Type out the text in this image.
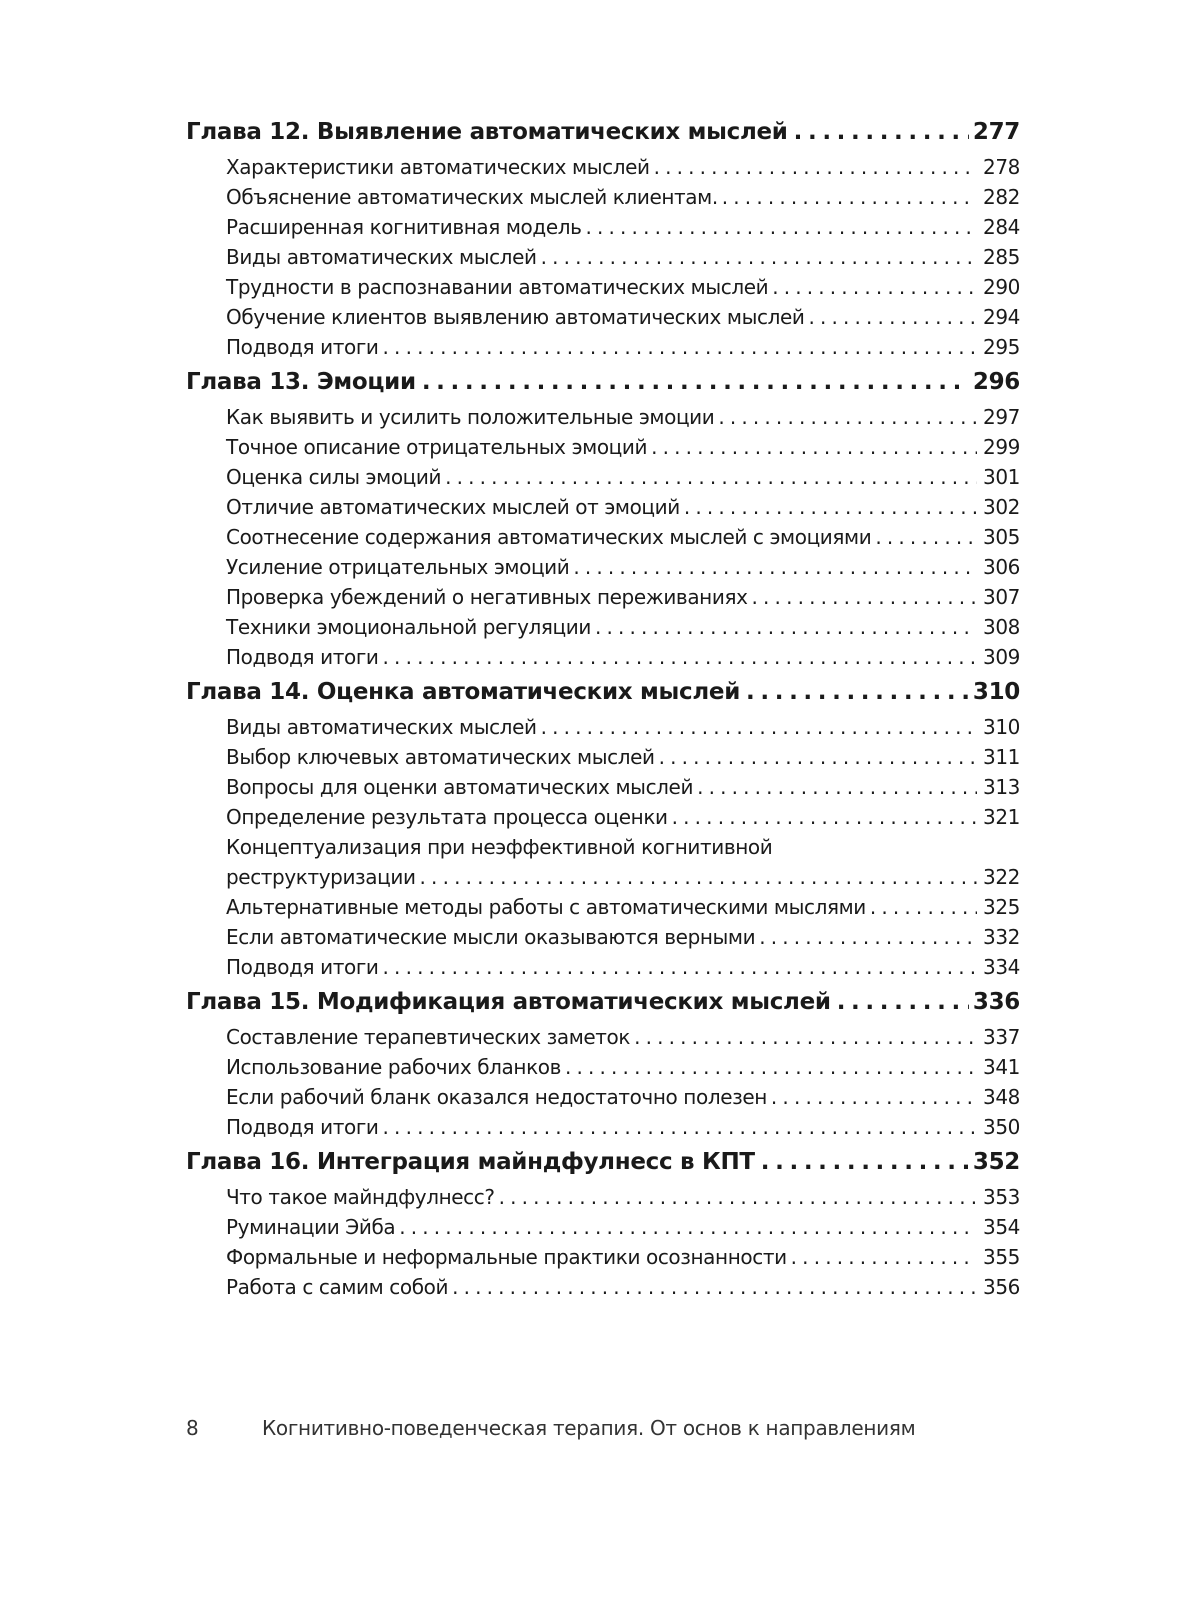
Глава 12. Выявление автоматических мыслей . . .	277
Характеристики автоматических мыслей . . .	278
Объяснение автоматических мыслей клиентам. . . .	282
Расширенная когнитивная модель . . .	284
Виды автоматических мыслей . . .	285
Трудности в распознавании автоматических мыслей . . .	290
Обучение клиентов выявлению автоматических мыслей . . .	294
Подводя итоги . . .	295
Глава 13. Эмоции . . .	296
Как выявить и усилить положительные эмоции . . .	297
Точное описание отрицательных эмоций . . .	299
Оценка силы эмоций . . .	301
Отличие автоматических мыслей от эмоций . . .	302
Соотнесение содержания автоматических мыслей с эмоциями . . .	305
Усиление отрицательных эмоций . . .	306
Проверка убеждений о негативных переживаниях . . .	307
Техники эмоциональной регуляции . . .	308
Подводя итоги . . .	309
Глава 14. Оценка автоматических мыслей . . .	310
Виды автоматических мыслей . . .	310
Выбор ключевых автоматических мыслей . . .	311
Вопросы для оценки автоматических мыслей . . .	313
Определение результата процесса оценки . . .	321
Концептуализация при неэффективной когнитивной
реструктуризации . . .	322
Альтернативные методы работы с автоматическими мыслями . . .	325
Если автоматические мысли оказываются верными . . .	332
Подводя итоги . . .	334
Глава 15. Модификация автоматических мыслей . . .	336
Составление терапевтических заметок . . .	337
Использование рабочих бланков . . .	341
Если рабочий бланк оказался недостаточно полезен . . .	348
Подводя итоги . . .	350
Глава 16. Интеграция майндфулнесс в КПТ . . .	352
Что такое майндфулнесс? . . .	353
Руминации Эйба . . .	354
Формальные и неформальные практики осознанности . . .	355
Работа с самим собой . . .	356
8	Когнитивно-поведенческая терапия. От основ к направлениям
